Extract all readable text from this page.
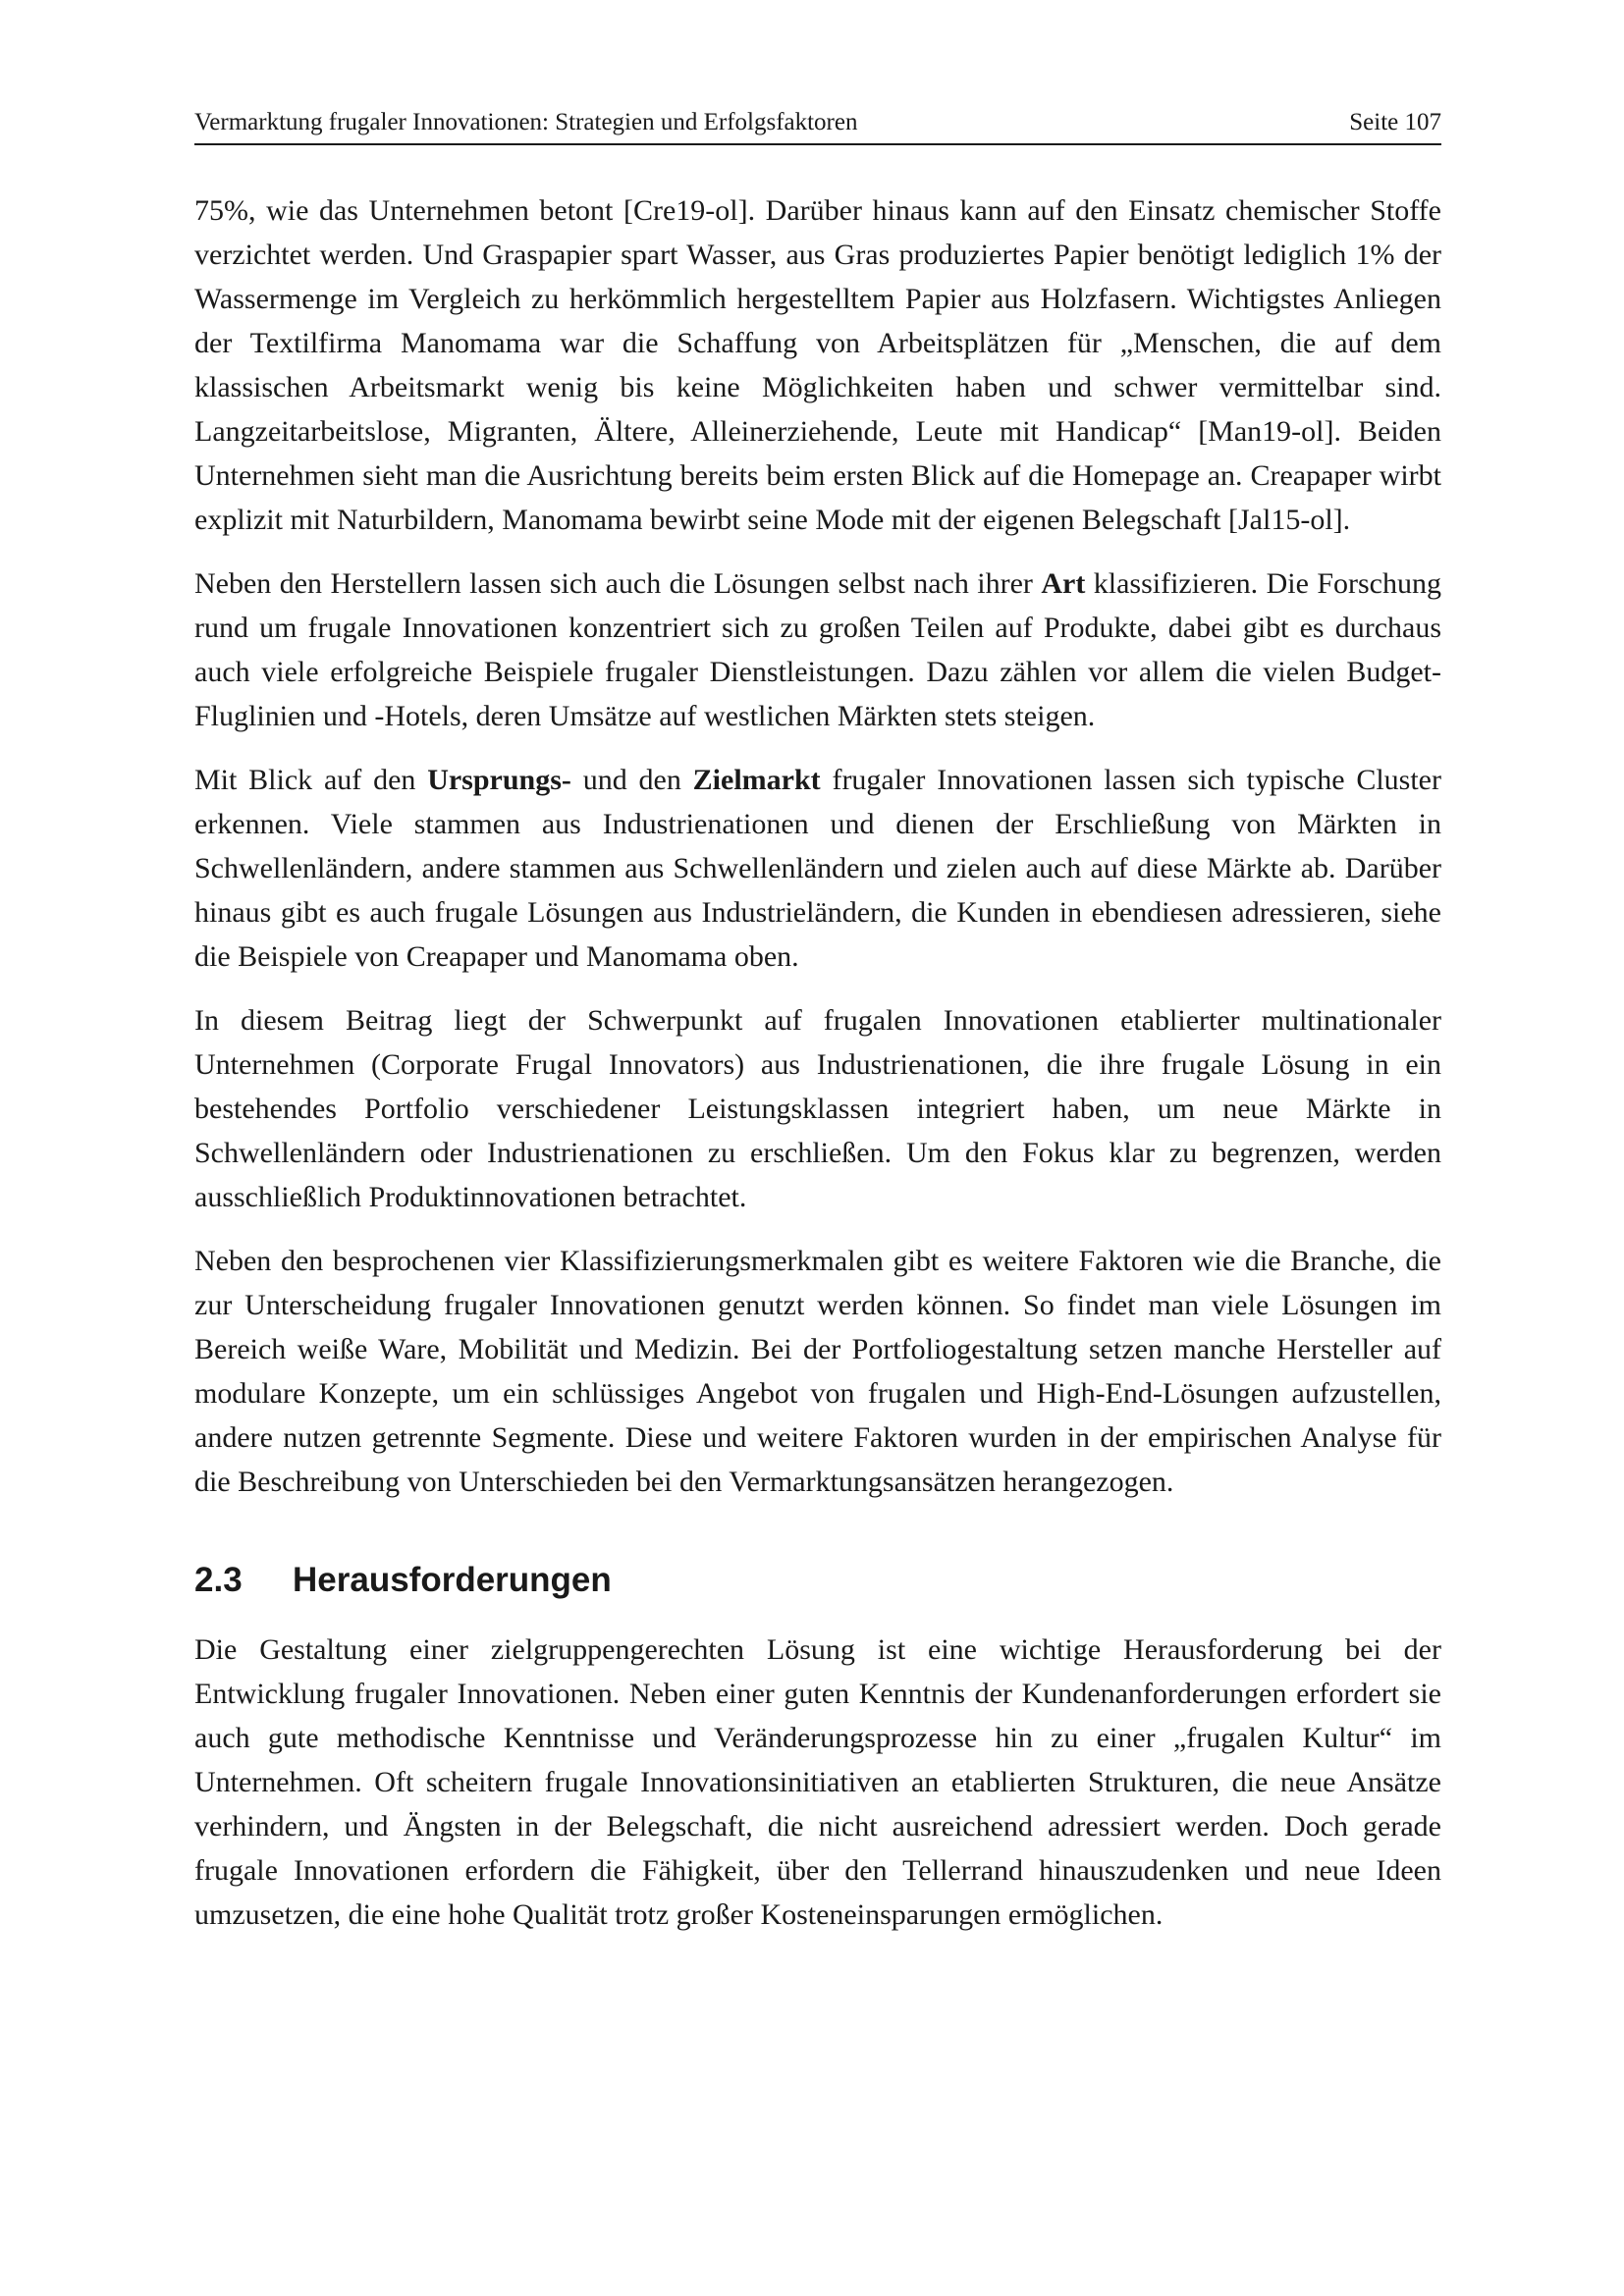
Vermarktung frugaler Innovationen: Strategien und Erfolgsfaktoren	Seite 107

75%, wie das Unternehmen betont [Cre19-ol]. Darüber hinaus kann auf den Einsatz chemischer Stoffe verzichtet werden. Und Graspapier spart Wasser, aus Gras produziertes Papier benötigt lediglich 1% der Wassermenge im Vergleich zu herkömmlich hergestelltem Papier aus Holzfasern. Wichtigstes Anliegen der Textilfirma Manomama war die Schaffung von Arbeitsplätzen für „Menschen, die auf dem klassischen Arbeitsmarkt wenig bis keine Möglichkeiten haben und schwer vermittelbar sind. Langzeitarbeitslose, Migranten, Ältere, Alleinerziehende, Leute mit Handicap“ [Man19-ol]. Beiden Unternehmen sieht man die Ausrichtung bereits beim ersten Blick auf die Homepage an. Creapaper wirbt explizit mit Naturbildern, Manomama bewirbt seine Mode mit der eigenen Belegschaft [Jal15-ol].

Neben den Herstellern lassen sich auch die Lösungen selbst nach ihrer Art klassifizieren. Die Forschung rund um frugale Innovationen konzentriert sich zu großen Teilen auf Produkte, dabei gibt es durchaus auch viele erfolgreiche Beispiele frugaler Dienstleistungen. Dazu zählen vor allem die vielen Budget-Fluglinien und -Hotels, deren Umsätze auf westlichen Märkten stets steigen.

Mit Blick auf den Ursprungs- und den Zielmarkt frugaler Innovationen lassen sich typische Cluster erkennen. Viele stammen aus Industrienationen und dienen der Erschließung von Märkten in Schwellenländern, andere stammen aus Schwellenländern und zielen auch auf diese Märkte ab. Darüber hinaus gibt es auch frugale Lösungen aus Industrieländern, die Kunden in ebendiesen adressieren, siehe die Beispiele von Creapaper und Manomama oben.

In diesem Beitrag liegt der Schwerpunkt auf frugalen Innovationen etablierter multinationaler Unternehmen (Corporate Frugal Innovators) aus Industrienationen, die ihre frugale Lösung in ein bestehendes Portfolio verschiedener Leistungsklassen integriert haben, um neue Märkte in Schwellenländern oder Industrienationen zu erschließen. Um den Fokus klar zu begrenzen, werden ausschließlich Produktinnovationen betrachtet.

Neben den besprochenen vier Klassifizierungsmerkmalen gibt es weitere Faktoren wie die Branche, die zur Unterscheidung frugaler Innovationen genutzt werden können. So findet man viele Lösungen im Bereich weiße Ware, Mobilität und Medizin. Bei der Portfoliogestaltung setzen manche Hersteller auf modulare Konzepte, um ein schlüssiges Angebot von frugalen und High-End-Lösungen aufzustellen, andere nutzen getrennte Segmente. Diese und weitere Faktoren wurden in der empirischen Analyse für die Beschreibung von Unterschieden bei den Vermarktungsansätzen herangezogen.

2.3	Herausforderungen

Die Gestaltung einer zielgruppengerechten Lösung ist eine wichtige Herausforderung bei der Entwicklung frugaler Innovationen. Neben einer guten Kenntnis der Kundenanforderungen erfordert sie auch gute methodische Kenntnisse und Veränderungsprozesse hin zu einer „frugalen Kultur“ im Unternehmen. Oft scheitern frugale Innovationsinitiativen an etablierten Strukturen, die neue Ansätze verhindern, und Ängsten in der Belegschaft, die nicht ausreichend adressiert werden. Doch gerade frugale Innovationen erfordern die Fähigkeit, über den Tellerrand hinauszudenken und neue Ideen umzusetzen, die eine hohe Qualität trotz großer Kosteneinsparungen ermöglichen.
